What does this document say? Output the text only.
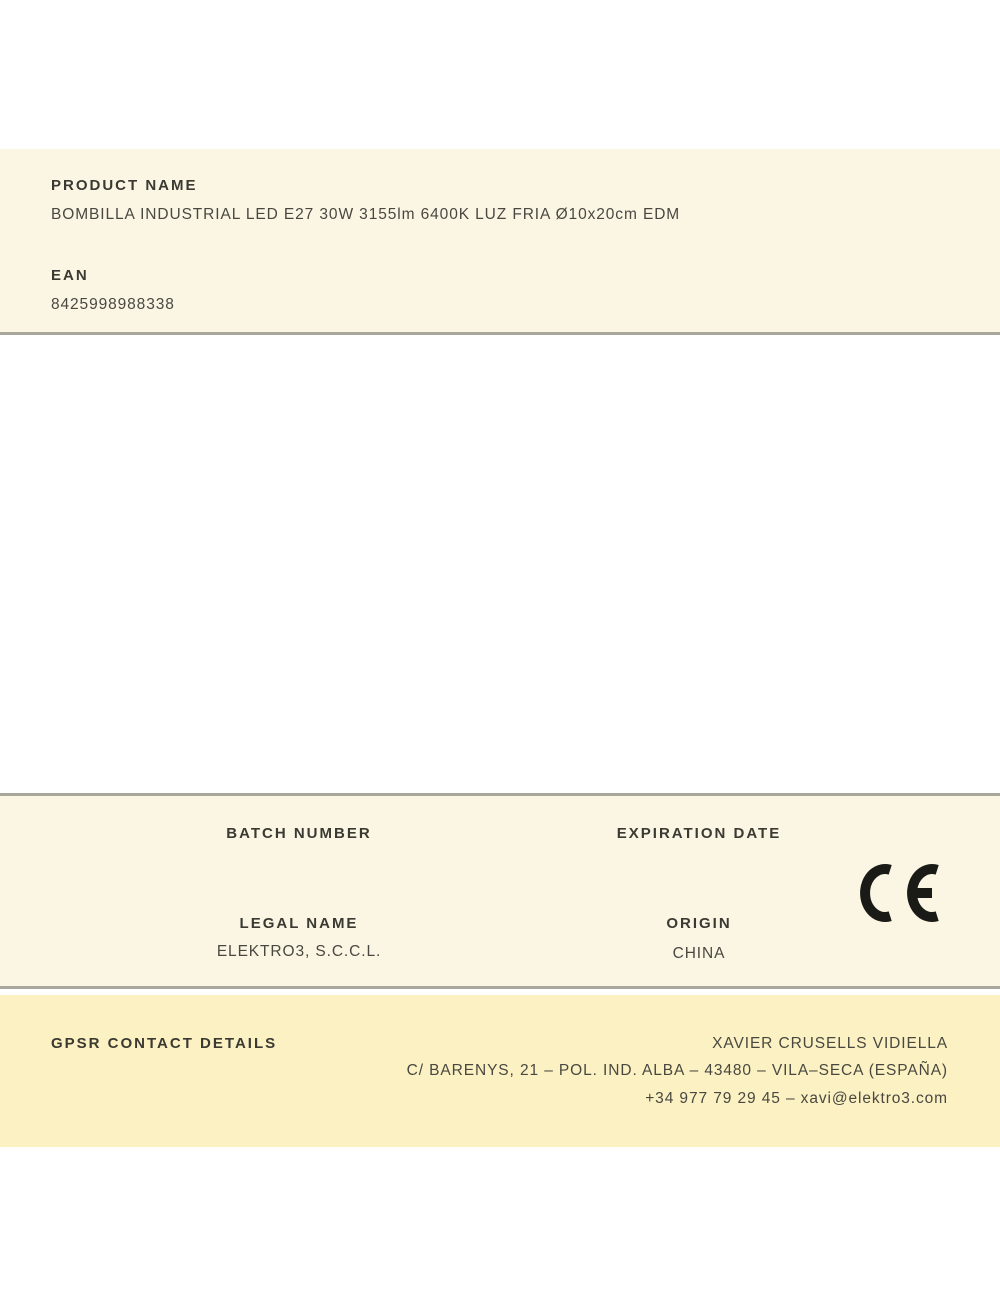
PRODUCT NAME
BOMBILLA INDUSTRIAL LED E27 30W 3155lm 6400K LUZ FRIA Ø10x20cm EDM
EAN
8425998988338
BATCH NUMBER	EXPIRATION DATE
LEGAL NAME
ELEKTRO3, S.C.C.L.
ORIGIN
CHINA
GPSR CONTACT DETAILS	XAVIER CRUSELLS VIDIELLA
C/ BARENYS, 21 – POL. IND. ALBA – 43480 – VILA–SECA (ESPAÑA)
+34 977 79 29 45 – xavi@elektro3.com
